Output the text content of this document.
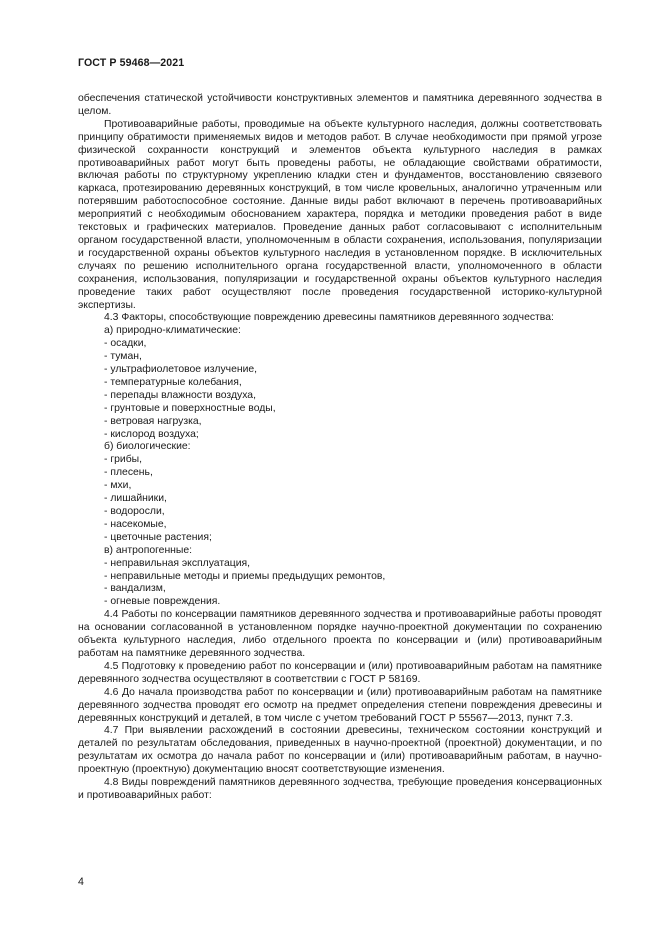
ГОСТ Р 59468—2021

обеспечения статической устойчивости конструктивных элементов и памятника деревянного зодчества в целом.

Противоаварийные работы, проводимые на объекте культурного наследия, должны соответствовать принципу обратимости применяемых видов и методов работ. В случае необходимости при прямой угрозе физической сохранности конструкций и элементов объекта культурного наследия в рамках противоаварийных работ могут быть проведены работы, не обладающие свойствами обратимости, включая работы по структурному укреплению кладки стен и фундаментов, восстановлению связевого каркаса, протезированию деревянных конструкций, в том числе кровельных, аналогично утраченным или потерявшим работоспособное состояние. Данные виды работ включают в перечень противоаварийных мероприятий с необходимым обоснованием характера, порядка и методики проведения работ в виде текстовых и графических материалов. Проведение данных работ согласовывают с исполнительным органом государственной власти, уполномоченным в области сохранения, использования, популяризации и государственной охраны объектов культурного наследия в установленном порядке. В исключительных случаях по решению исполнительного органа государственной власти, уполномоченного в области сохранения, использования, популяризации и государственной охраны объектов культурного наследия проведение таких работ осуществляют после проведения государственной историко-культурной экспертизы.

4.3 Факторы, способствующие повреждению древесины памятников деревянного зодчества:

а) природно-климатические:

- осадки,

- туман,

- ультрафиолетовое излучение,

- температурные колебания,

- перепады влажности воздуха,

- грунтовые и поверхностные воды,

- ветровая нагрузка,

- кислород воздуха;

б) биологические:

- грибы,

- плесень,

- мхи,

- лишайники,

- водоросли,

- насекомые,

- цветочные растения;

в) антропогенные:

- неправильная эксплуатация,

- неправильные методы и приемы предыдущих ремонтов,

- вандализм,

- огневые повреждения.

4.4 Работы по консервации памятников деревянного зодчества и противоаварийные работы проводят на основании согласованной в установленном порядке научно-проектной документации по сохранению объекта культурного наследия, либо отдельного проекта по консервации и (или) противоаварийным работам на памятнике деревянного зодчества.

4.5 Подготовку к проведению работ по консервации и (или) противоаварийным работам на памятнике деревянного зодчества осуществляют в соответствии с ГОСТ Р 58169.

4.6 До начала производства работ по консервации и (или) противоаварийным работам на памятнике деревянного зодчества проводят его осмотр на предмет определения степени повреждения древесины и деревянных конструкций и деталей, в том числе с учетом требований ГОСТ Р 55567—2013, пункт 7.3.

4.7 При выявлении расхождений в состоянии древесины, техническом состоянии конструкций и деталей по результатам обследования, приведенных в научно-проектной (проектной) документации, и по результатам их осмотра до начала работ по консервации и (или) противоаварийным работам, в научно-проектную (проектную) документацию вносят соответствующие изменения.

4.8 Виды повреждений памятников деревянного зодчества, требующие проведения консервационных и противоаварийных работ:

4
